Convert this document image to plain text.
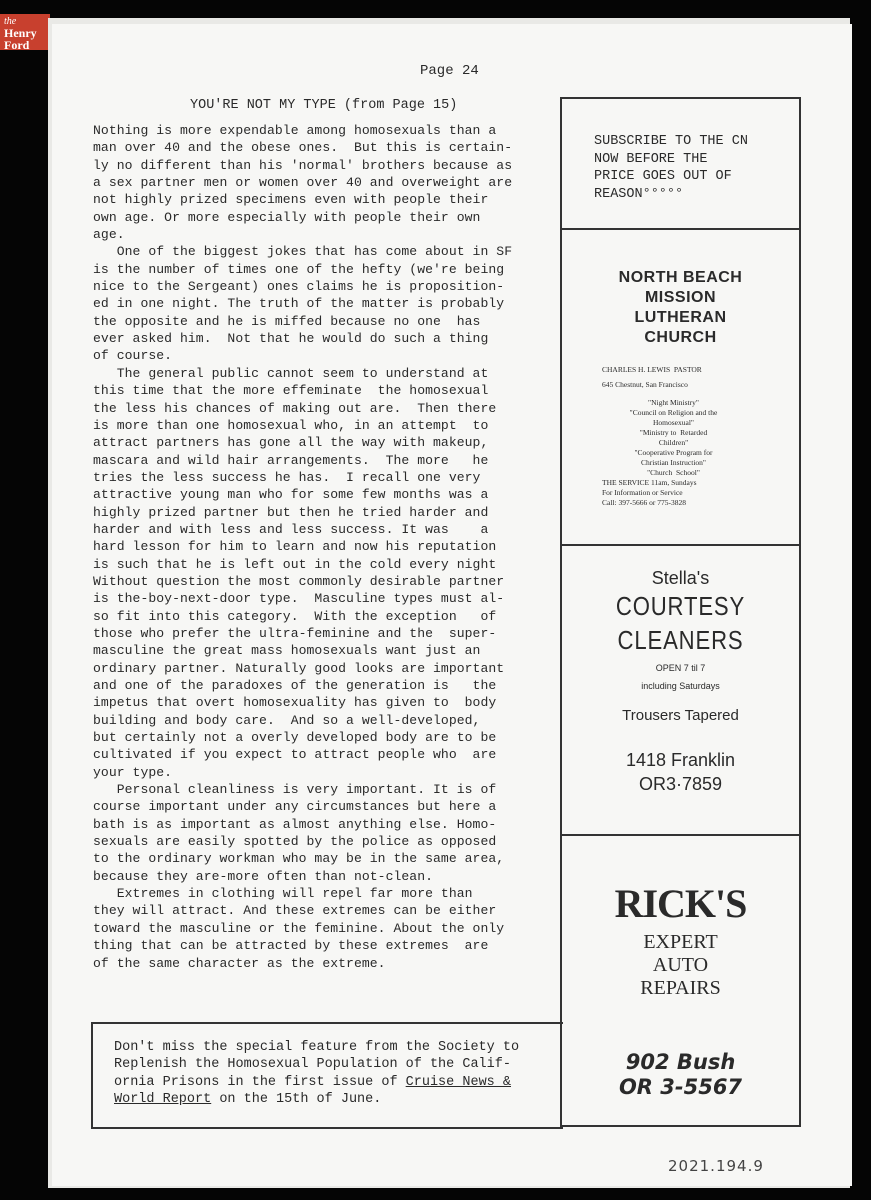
the
Henry
Ford
Page 24
YOU'RE NOT MY TYPE (from Page 15)
Nothing is more expendable among homosexuals than a
man over 40 and the obese ones.  But this is certain-
ly no different than his 'normal' brothers because as
a sex partner men or women over 40 and overweight are
not highly prized specimens even with people their
own age. Or more especially with people their own
age.
One of the biggest jokes that has come about in SF
is the number of times one of the hefty (we're being
nice to the Sergeant) ones claims he is proposition-
ed in one night. The truth of the matter is probably
the opposite and he is miffed because no one  has
ever asked him.  Not that he would do such a thing
of course.
The general public cannot seem to understand at
this time that the more effeminate  the homosexual
the less his chances of making out are.  Then there
is more than one homosexual who, in an attempt  to
attract partners has gone all the way with makeup,
mascara and wild hair arrangements.  The more   he
tries the less success he has.  I recall one very
attractive young man who for some few months was a
highly prized partner but then he tried harder and
harder and with less and less success. It was    a
hard lesson for him to learn and now his reputation
is such that he is left out in the cold every night
Without question the most commonly desirable partner
is the-boy-next-door type.  Masculine types must al-
so fit into this category.  With the exception   of
those who prefer the ultra-feminine and the  super-
masculine the great mass homosexuals want just an
ordinary partner. Naturally good looks are important
and one of the paradoxes of the generation is   the
impetus that overt homosexuality has given to  body
building and body care.  And so a well-developed,
but certainly not a overly developed body are to be
cultivated if you expect to attract people who  are
your type.
Personal cleanliness is very important. It is of
course important under any circumstances but here a
bath is as important as almost anything else. Homo-
sexuals are easily spotted by the police as opposed
to the ordinary workman who may be in the same area,
because they are-more often than not-clean.
Extremes in clothing will repel far more than
they will attract. And these extremes can be either
toward the masculine or the feminine. About the only
thing that can be attracted by these extremes  are
of the same character as the extreme.
SUBSCRIBE TO THE CN
NOW BEFORE THE
PRICE GOES OUT OF
REASON°°°°°
NORTH BEACH
MISSION
LUTHERAN
CHURCH
CHARLES H. LEWIS  PASTOR
645 Chestnut, San Francisco
"Night Ministry"
"Council on Religion and the
Homosexual"
"Ministry to  Retarded
Children"
"Cooperative Program for
Christian Instruction"
"Church  School"
THE SERVICE 11am, Sundays
For Information or Service
Call: 397-5666 or 775-3828
Stella's
COURTESY
CLEANERS
OPEN 7 til 7
including Saturdays
Trousers Tapered
1418 Franklin
OR3·7859
RICK'S
EXPERT
AUTO
REPAIRS
902 Bush
OR 3-5567
Don't miss the special feature from the Society to
Replenish the Homosexual Population of the Calif-
ornia Prisons in the first issue of Cruise News &
World Report on the 15th of June.
2021.194.9
